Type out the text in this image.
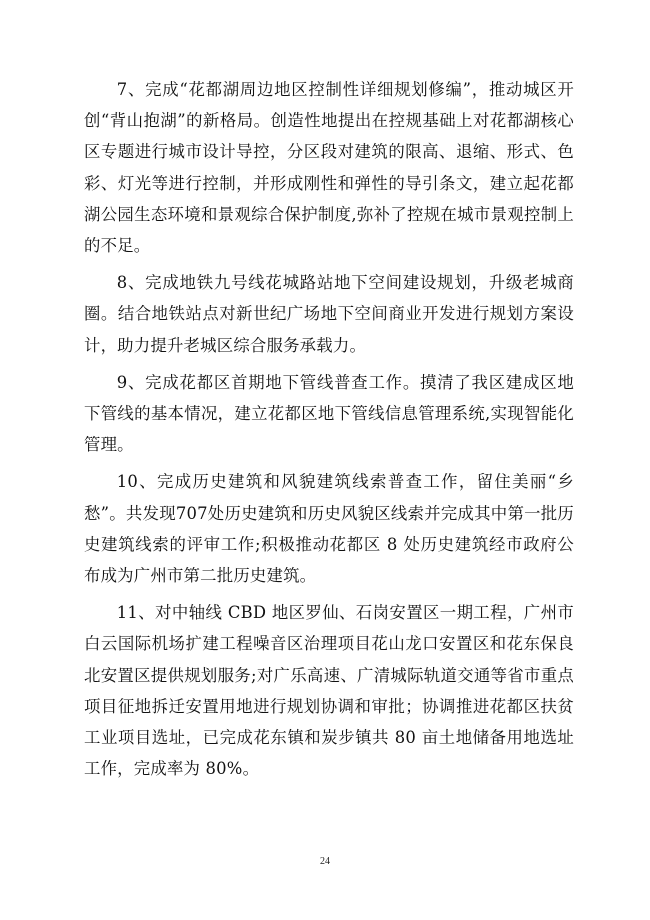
7、完成“花都湖周边地区控制性详细规划修编”，推动城区开创“背山抱湖”的新格局。创造性地提出在控规基础上对花都湖核心区专题进行城市设计导控，分区段对建筑的限高、退缩、形式、色彩、灯光等进行控制，并形成刚性和弹性的导引条文，建立起花都湖公园生态环境和景观综合保护制度,弥补了控规在城市景观控制上的不足。

8、完成地铁九号线花城路站地下空间建设规划，升级老城商圈。结合地铁站点对新世纪广场地下空间商业开发进行规划方案设计，助力提升老城区综合服务承载力。

9、完成花都区首期地下管线普查工作。摸清了我区建成区地下管线的基本情况，建立花都区地下管线信息管理系统,实现智能化管理。

10、完成历史建筑和风貌建筑线索普查工作，留住美丽“乡愁”。共发现707处历史建筑和历史风貌区线索并完成其中第一批历史建筑线索的评审工作;积极推动花都区 8 处历史建筑经市政府公布成为广州市第二批历史建筑。

11、对中轴线 CBD 地区罗仙、石岗安置区一期工程，广州市白云国际机场扩建工程噪音区治理项目花山龙口安置区和花东保良北安置区提供规划服务;对广乐高速、广清城际轨道交通等省市重点项目征地拆迁安置用地进行规划协调和审批；协调推进花都区扶贫工业项目选址，已完成花东镇和炭步镇共 80 亩土地储备用地选址工作，完成率为 80%。

24
